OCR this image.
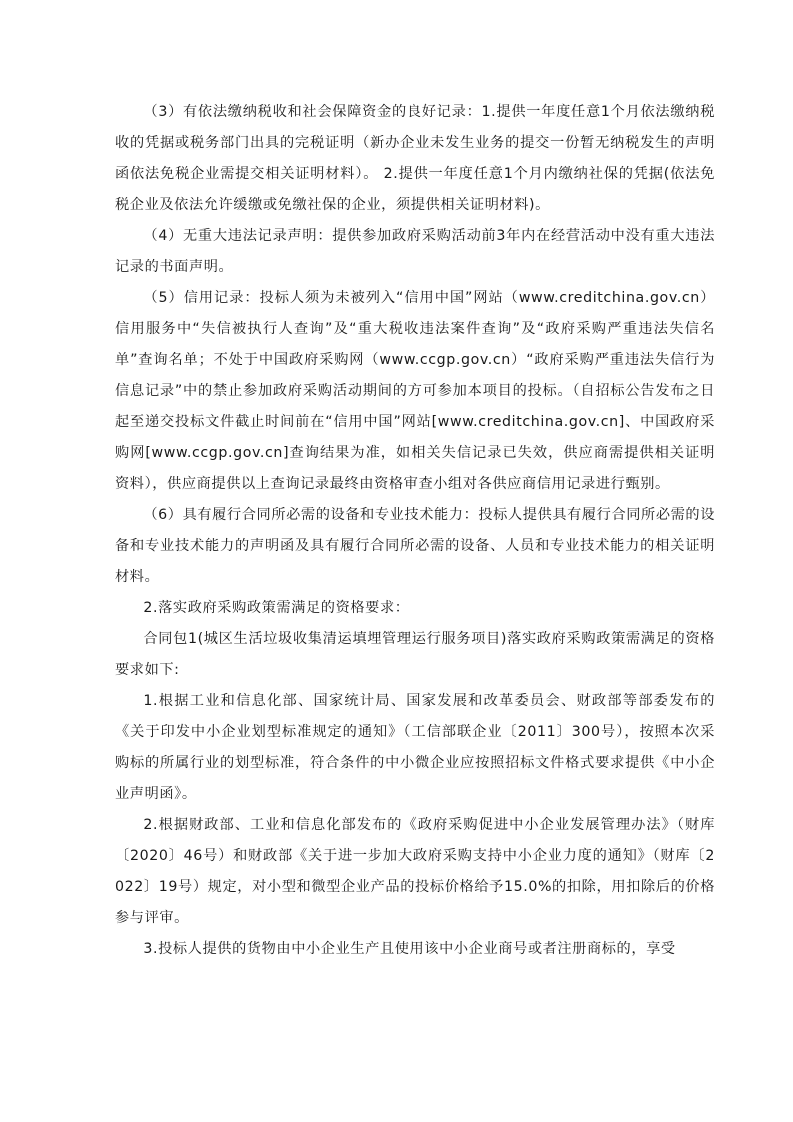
（3）有依法缴纳税收和社会保障资金的良好记录：1.提供一年度任意1个月依法缴纳税收的凭据或税务部门出具的完税证明（新办企业未发生业务的提交一份暂无纳税发生的声明函依法免税企业需提交相关证明材料）。 2.提供一年度任意1个月内缴纳社保的凭据(依法免税企业及依法允许缓缴或免缴社保的企业，须提供相关证明材料)。

（4）无重大违法记录声明：提供参加政府采购活动前3年内在经营活动中没有重大违法记录的书面声明。

（5）信用记录：投标人须为未被列入“信用中国”网站（www.creditchina.gov.cn）信用服务中“失信被执行人查询”及“重大税收违法案件查询”及“政府采购严重违法失信名单”查询名单；不处于中国政府采购网（www.ccgp.gov.cn）“政府采购严重违法失信行为信息记录”中的禁止参加政府采购活动期间的方可参加本项目的投标。（自招标公告发布之日起至递交投标文件截止时间前在“信用中国”网站[www.creditchina.gov.cn]、中国政府采购网[www.ccgp.gov.cn]查询结果为准，如相关失信记录已失效，供应商需提供相关证明资料），供应商提供以上查询记录最终由资格审查小组对各供应商信用记录进行甄别。

（6）具有履行合同所必需的设备和专业技术能力：投标人提供具有履行合同所必需的设备和专业技术能力的声明函及具有履行合同所必需的设备、人员和专业技术能力的相关证明材料。

2.落实政府采购政策需满足的资格要求：

合同包1(城区生活垃圾收集清运填埋管理运行服务项目)落实政府采购政策需满足的资格要求如下:

1.根据工业和信息化部、国家统计局、国家发展和改革委员会、财政部等部委发布的《关于印发中小企业划型标准规定的通知》（工信部联企业〔2011〕300号），按照本次采购标的所属行业的划型标准，符合条件的中小微企业应按照招标文件格式要求提供《中小企业声明函》。

2.根据财政部、工业和信息化部发布的《政府采购促进中小企业发展管理办法》（财库〔2020〕46号）和财政部《关于进一步加大政府采购支持中小企业力度的通知》（财库〔2022〕19号）规定，对小型和微型企业产品的投标价格给予15.0%的扣除，用扣除后的价格参与评审。

3.投标人提供的货物由中小企业生产且使用该中小企业商号或者注册商标的，享受
